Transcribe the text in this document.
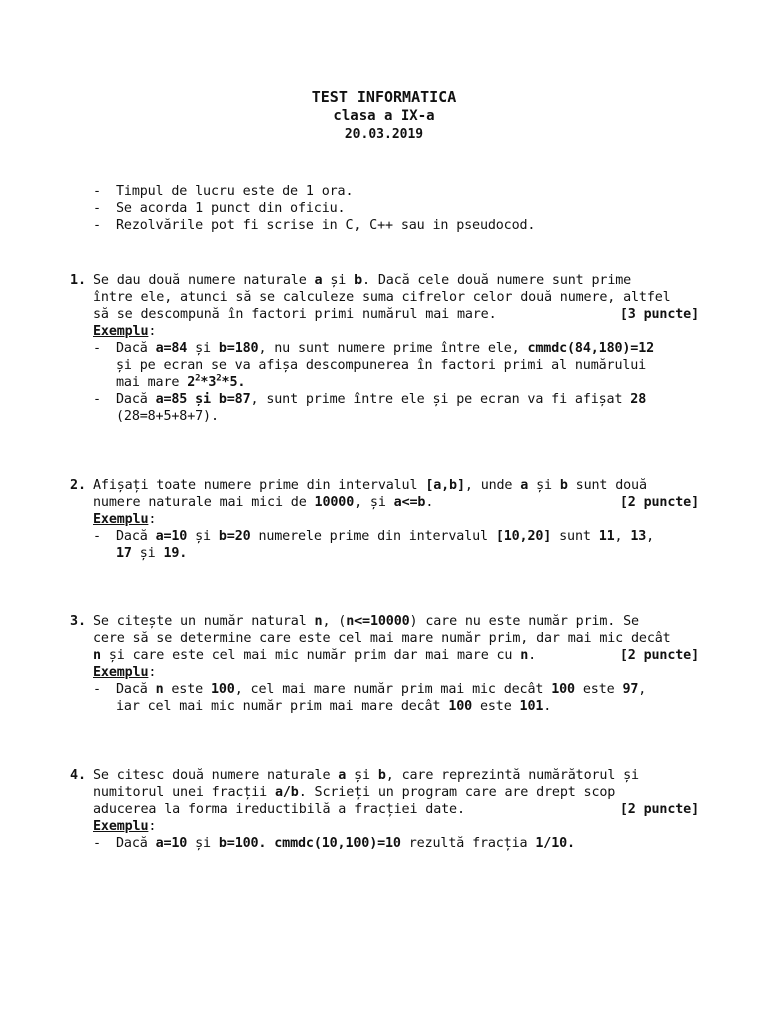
TEST INFORMATICA
clasa a IX-a
20.03.2019
- Timpul de lucru este de 1 ora.
- Se acorda 1 punct din oficiu.
- Rezolvările pot fi scrise in C, C++ sau in pseudocod.
1. Se dau două numere naturale a și b. Dacă cele două numere sunt prime
între ele, atunci să se calculeze suma cifrelor celor două numere, altfel
să se descompună în factori primi numărul mai mare.	[3 puncte]
Exemplu:
- Dacă a=84 și b=180, nu sunt numere prime între ele, cmmdc(84,180)=12
și pe ecran se va afișa descompunerea în factori primi al numărului
mai mare $2^2*3^2*5$.
- Dacă a=85 și b=87, sunt prime între ele și pe ecran va fi afișat 28
(28=8+5+8+7).
2. Afișați toate numere prime din intervalul [a,b], unde a și b sunt două
numere naturale mai mici de 10000, și a<=b.	[2 puncte]
Exemplu:
- Dacă a=10 și b=20 numerele prime din intervalul [10,20] sunt 11, 13,
17 și 19.
3. Se citește un număr natural n, (n<=10000) care nu este număr prim. Se
cere să se determine care este cel mai mare număr prim, dar mai mic decât
n și care este cel mai mic număr prim dar mai mare cu n.	[2 puncte]
Exemplu:
- Dacă n este 100, cel mai mare număr prim mai mic decât 100 este 97,
iar cel mai mic număr prim mai mare decât 100 este 101.
4. Se citesc două numere naturale a și b, care reprezintă numărătorul și
numitorul unei fracții a/b. Scrieți un program care are drept scop
aducerea la forma ireductibilă a fracției date.	[2 puncte]
Exemplu:
- Dacă a=10 și b=100. cmmdc(10,100)=10 rezultă fracția 1/10.
